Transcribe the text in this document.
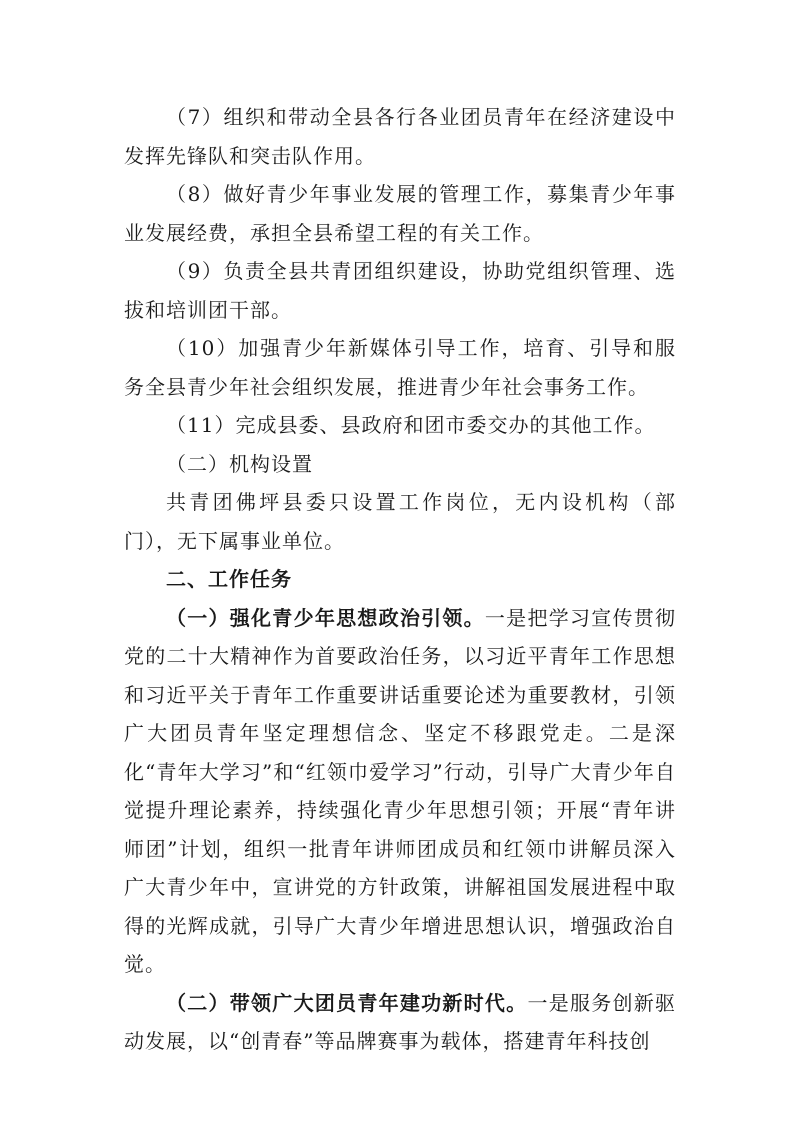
（7）组织和带动全县各行各业团员青年在经济建设中发挥先锋队和突击队作用。

（8）做好青少年事业发展的管理工作，募集青少年事业发展经费，承担全县希望工程的有关工作。

（9）负责全县共青团组织建设，协助党组织管理、选拔和培训团干部。

（10）加强青少年新媒体引导工作，培育、引导和服务全县青少年社会组织发展，推进青少年社会事务工作。

（11）完成县委、县政府和团市委交办的其他工作。

（二）机构设置

共青团佛坪县委只设置工作岗位，无内设机构（部门），无下属事业单位。

二、工作任务

（一）强化青少年思想政治引领。一是把学习宣传贯彻党的二十大精神作为首要政治任务，以习近平青年工作思想和习近平关于青年工作重要讲话重要论述为重要教材，引领广大团员青年坚定理想信念、坚定不移跟党走。二是深化“青年大学习”和“红领巾爱学习”行动，引导广大青少年自觉提升理论素养，持续强化青少年思想引领；开展“青年讲师团”计划，组织一批青年讲师团成员和红领巾讲解员深入广大青少年中，宣讲党的方针政策，讲解祖国发展进程中取得的光辉成就，引导广大青少年增进思想认识，增强政治自觉。

（二）带领广大团员青年建功新时代。一是服务创新驱动发展，以“创青春”等品牌赛事为载体，搭建青年科技创
